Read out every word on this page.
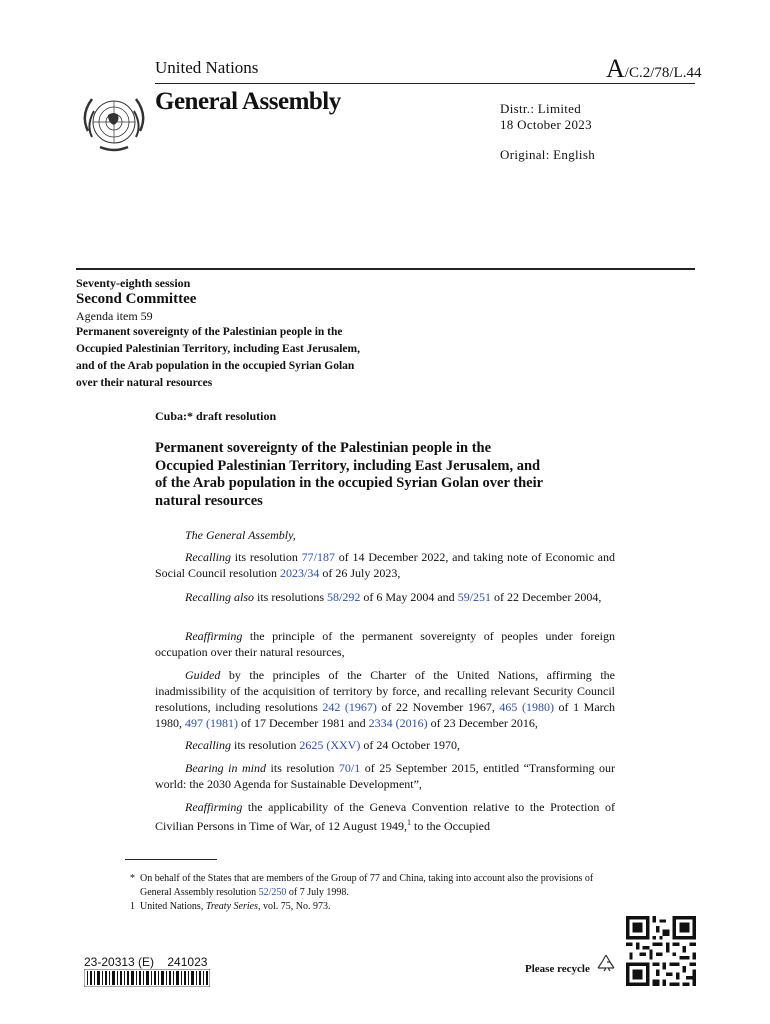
United Nations	A/C.2/78/L.44
General Assembly	Distr.: Limited
18 October 2023
Original: English
Seventy-eighth session
Second Committee
Agenda item 59
Permanent sovereignty of the Palestinian people in the
Occupied Palestinian Territory, including East Jerusalem,
and of the Arab population in the occupied Syrian Golan
over their natural resources
Cuba:* draft resolution
Permanent sovereignty of the Palestinian people in the
Occupied Palestinian Territory, including East Jerusalem, and
of the Arab population in the occupied Syrian Golan over their
natural resources
The General Assembly,
Recalling its resolution 77/187 of 14 December 2022, and taking note of Economic and Social Council resolution 2023/34 of 26 July 2023,
Recalling also its resolutions 58/292 of 6 May 2004 and 59/251 of 22 December 2004,
Reaffirming the principle of the permanent sovereignty of peoples under foreign occupation over their natural resources,
Guided by the principles of the Charter of the United Nations, affirming the inadmissibility of the acquisition of territory by force, and recalling relevant Security Council resolutions, including resolutions 242 (1967) of 22 November 1967, 465 (1980) of 1 March 1980, 497 (1981) of 17 December 1981 and 2334 (2016) of 23 December 2016,
Recalling its resolution 2625 (XXV) of 24 October 1970,
Bearing in mind its resolution 70/1 of 25 September 2015, entitled “Transforming our world: the 2030 Agenda for Sustainable Development”,
Reaffirming the applicability of the Geneva Convention relative to the Protection of Civilian Persons in Time of War, of 12 August 1949,$^1$ to the Occupied
* On behalf of the States that are members of the Group of 77 and China, taking into account also the provisions of General Assembly resolution 52/250 of 7 July 1998.
1 United Nations, Treaty Series, vol. 75, No. 973.
23-20313 (E)    241023	Please recycle
